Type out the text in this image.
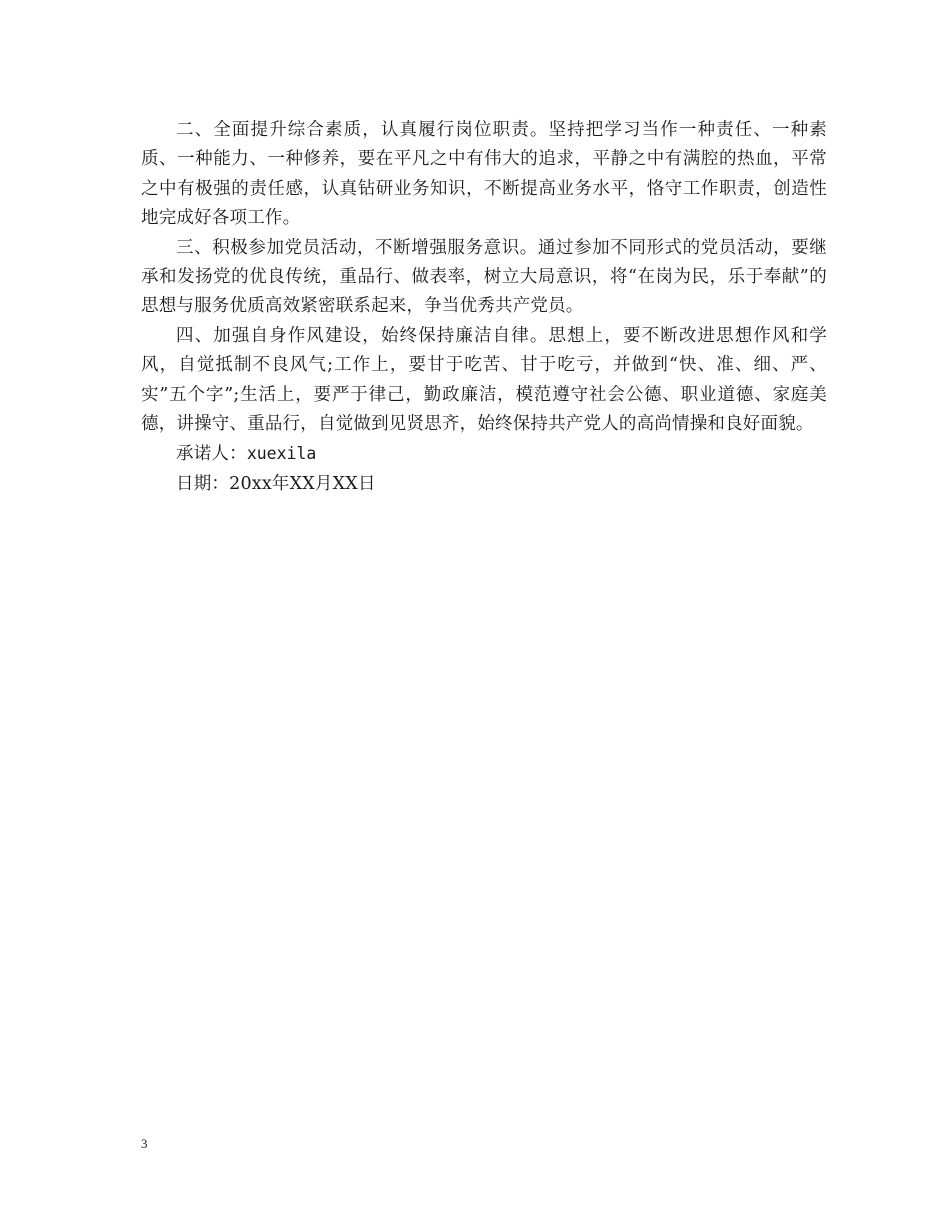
二、全面提升综合素质，认真履行岗位职责。坚持把学习当作一种责任、一种素质、一种能力、一种修养，要在平凡之中有伟大的追求，平静之中有满腔的热血，平常之中有极强的责任感，认真钻研业务知识，不断提高业务水平，恪守工作职责，创造性地完成好各项工作。

三、积极参加党员活动，不断增强服务意识。通过参加不同形式的党员活动，要继承和发扬党的优良传统，重品行、做表率，树立大局意识，将“在岗为民，乐于奉献”的思想与服务优质高效紧密联系起来，争当优秀共产党员。

四、加强自身作风建设，始终保持廉洁自律。思想上，要不断改进思想作风和学风，自觉抵制不良风气;工作上，要甘于吃苦、甘于吃亏，并做到“快、准、细、严、实”五个字”;生活上，要严于律己，勤政廉洁，模范遵守社会公德、职业道德、家庭美德，讲操守、重品行，自觉做到见贤思齐，始终保持共产党人的高尚情操和良好面貌。

承诺人：xuexila

日期：20xx年XX月XX日

3
